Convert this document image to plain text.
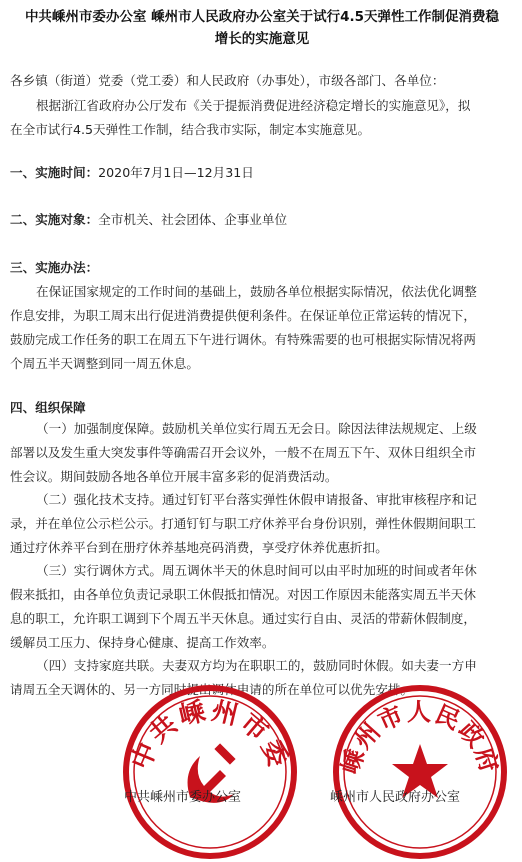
中共嵊州市委办公室 嵊州市人民政府办公室关于试行4.5天弹性工作制促消费稳
增长的实施意见
各乡镇（街道）党委（党工委）和人民政府（办事处），市级各部门、各单位：
根据浙江省政府办公厅发布《关于提振消费促进经济稳定增长的实施意见》，拟
在全市试行4.5天弹性工作制，结合我市实际，制定本实施意见。
一、实施时间：2020年7月1日—12月31日
二、实施对象：全市机关、社会团体、企事业单位
三、实施办法：
在保证国家规定的工作时间的基础上，鼓励各单位根据实际情况，依法优化调整
作息安排，为职工周末出行促进消费提供便利条件。在保证单位正常运转的情况下，
鼓励完成工作任务的职工在周五下午进行调休。有特殊需要的也可根据实际情况将两
个周五半天调整到同一周五休息。
四、组织保障
（一）加强制度保障。鼓励机关单位实行周五无会日。除因法律法规规定、上级
部署以及发生重大突发事件等确需召开会议外，一般不在周五下午、双休日组织全市
性会议。期间鼓励各地各单位开展丰富多彩的促消费活动。
（二）强化技术支持。通过钉钉平台落实弹性休假申请报备、审批审核程序和记
录，并在单位公示栏公示。打通钉钉与职工疗休养平台身份识别，弹性休假期间职工
通过疗休养平台到在册疗休养基地亮码消费，享受疗休养优惠折扣。
（三）实行调休方式。周五调休半天的休息时间可以由平时加班的时间或者年休
假来抵扣，由各单位负责记录职工休假抵扣情况。对因工作原因未能落实周五半天休
息的职工，允许职工调到下个周五半天休息。通过实行自由、灵活的带薪休假制度，
缓解员工压力、保持身心健康、提高工作效率。
（四）支持家庭共联。夫妻双方均为在职职工的，鼓励同时休假。如夫妻一方申
请周五全天调休的、另一方同时提出调休申请的所在单位可以优先安排。
中共嵊州市委 嵊州市人民政府
中共嵊州市委办公室	嵊州市人民政府办公室
